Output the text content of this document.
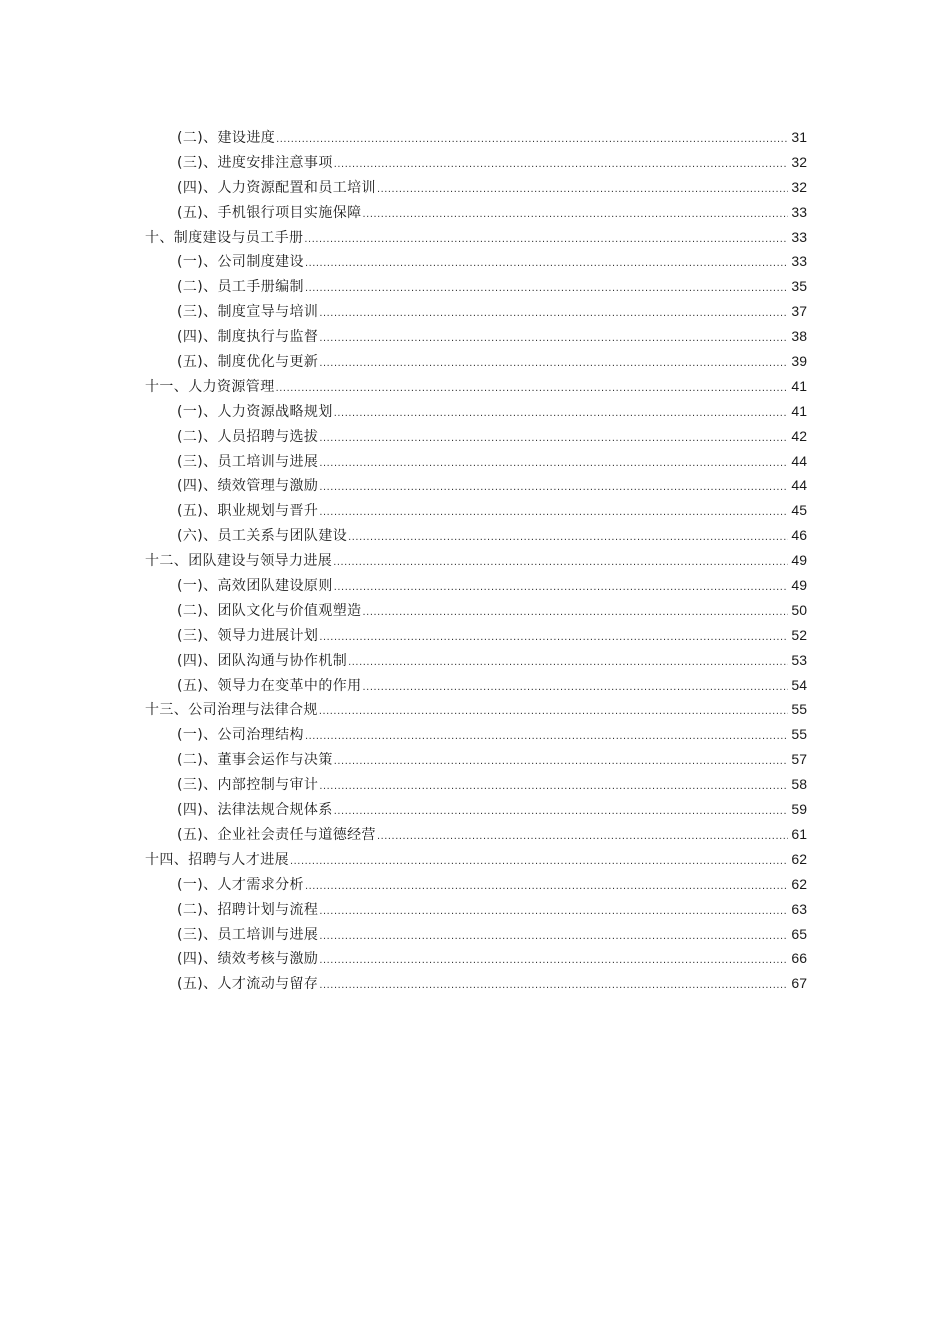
(二)、建设进度 .....	31
(三)、进度安排注意事项 .....	32
(四)、人力资源配置和员工培训 .....	32
(五)、手机银行项目实施保障 .....	33
十、制度建设与员工手册 .....	33
(一)、公司制度建设 .....	33
(二)、员工手册编制 .....	35
(三)、制度宣导与培训 .....	37
(四)、制度执行与监督 .....	38
(五)、制度优化与更新 .....	39
十一、人力资源管理 .....	41
(一)、人力资源战略规划 .....	41
(二)、人员招聘与选拔 .....	42
(三)、员工培训与进展 .....	44
(四)、绩效管理与激励 .....	44
(五)、职业规划与晋升 .....	45
(六)、员工关系与团队建设 .....	46
十二、团队建设与领导力进展 .....	49
(一)、高效团队建设原则 .....	49
(二)、团队文化与价值观塑造 .....	50
(三)、领导力进展计划 .....	52
(四)、团队沟通与协作机制 .....	53
(五)、领导力在变革中的作用 .....	54
十三、公司治理与法律合规 .....	55
(一)、公司治理结构 .....	55
(二)、董事会运作与决策 .....	57
(三)、内部控制与审计 .....	58
(四)、法律法规合规体系 .....	59
(五)、企业社会责任与道德经营 .....	61
十四、招聘与人才进展 .....	62
(一)、人才需求分析 .....	62
(二)、招聘计划与流程 .....	63
(三)、员工培训与进展 .....	65
(四)、绩效考核与激励 .....	66
(五)、人才流动与留存 .....	67
